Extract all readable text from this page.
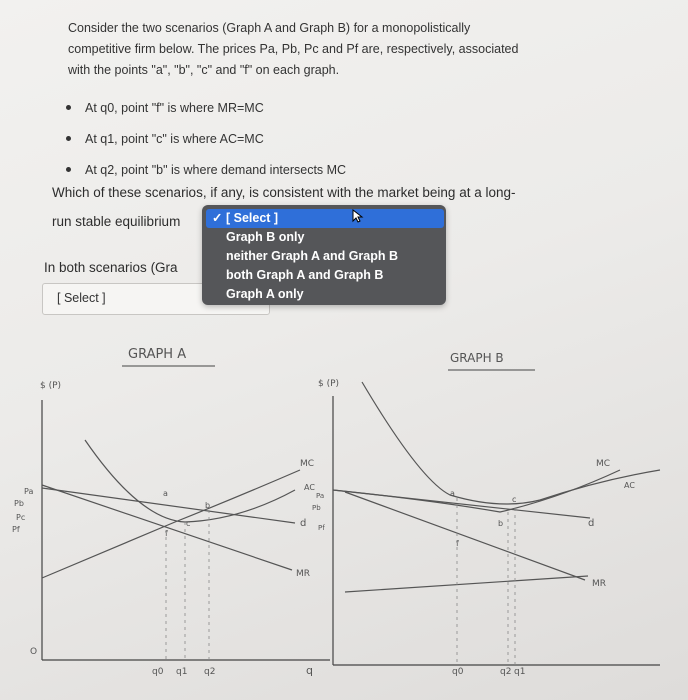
Consider the two scenarios (Graph A and Graph B) for a monopolistically
competitive firm below. The prices Pa, Pb, Pc and Pf are, respectively, associated
with the points "a", "b", "c" and "f" on each graph.
At q0, point "f" is where MR=MC
At q1, point "c" is where AC=MC
At q2, point "b" is where demand intersects MC
Which of these scenarios, if any, is consistent with the market being at a long-
run stable equilibrium
In both scenarios (Gra
[ Select ]
✓ [ Select ]
Graph B only
neither Graph A and Graph B
both Graph A and Graph B
Graph A only
GRAPH A
$ (P)
O
Pa
Pb
Pc
Pf
MC
AC
d
MR
Pa
Pb
Pf
a
b
c
f
q0 q1 q2	q
GRAPH B
$ (P)
MC
AC
d
MR
a
b
c
f
q0	q2 q1
